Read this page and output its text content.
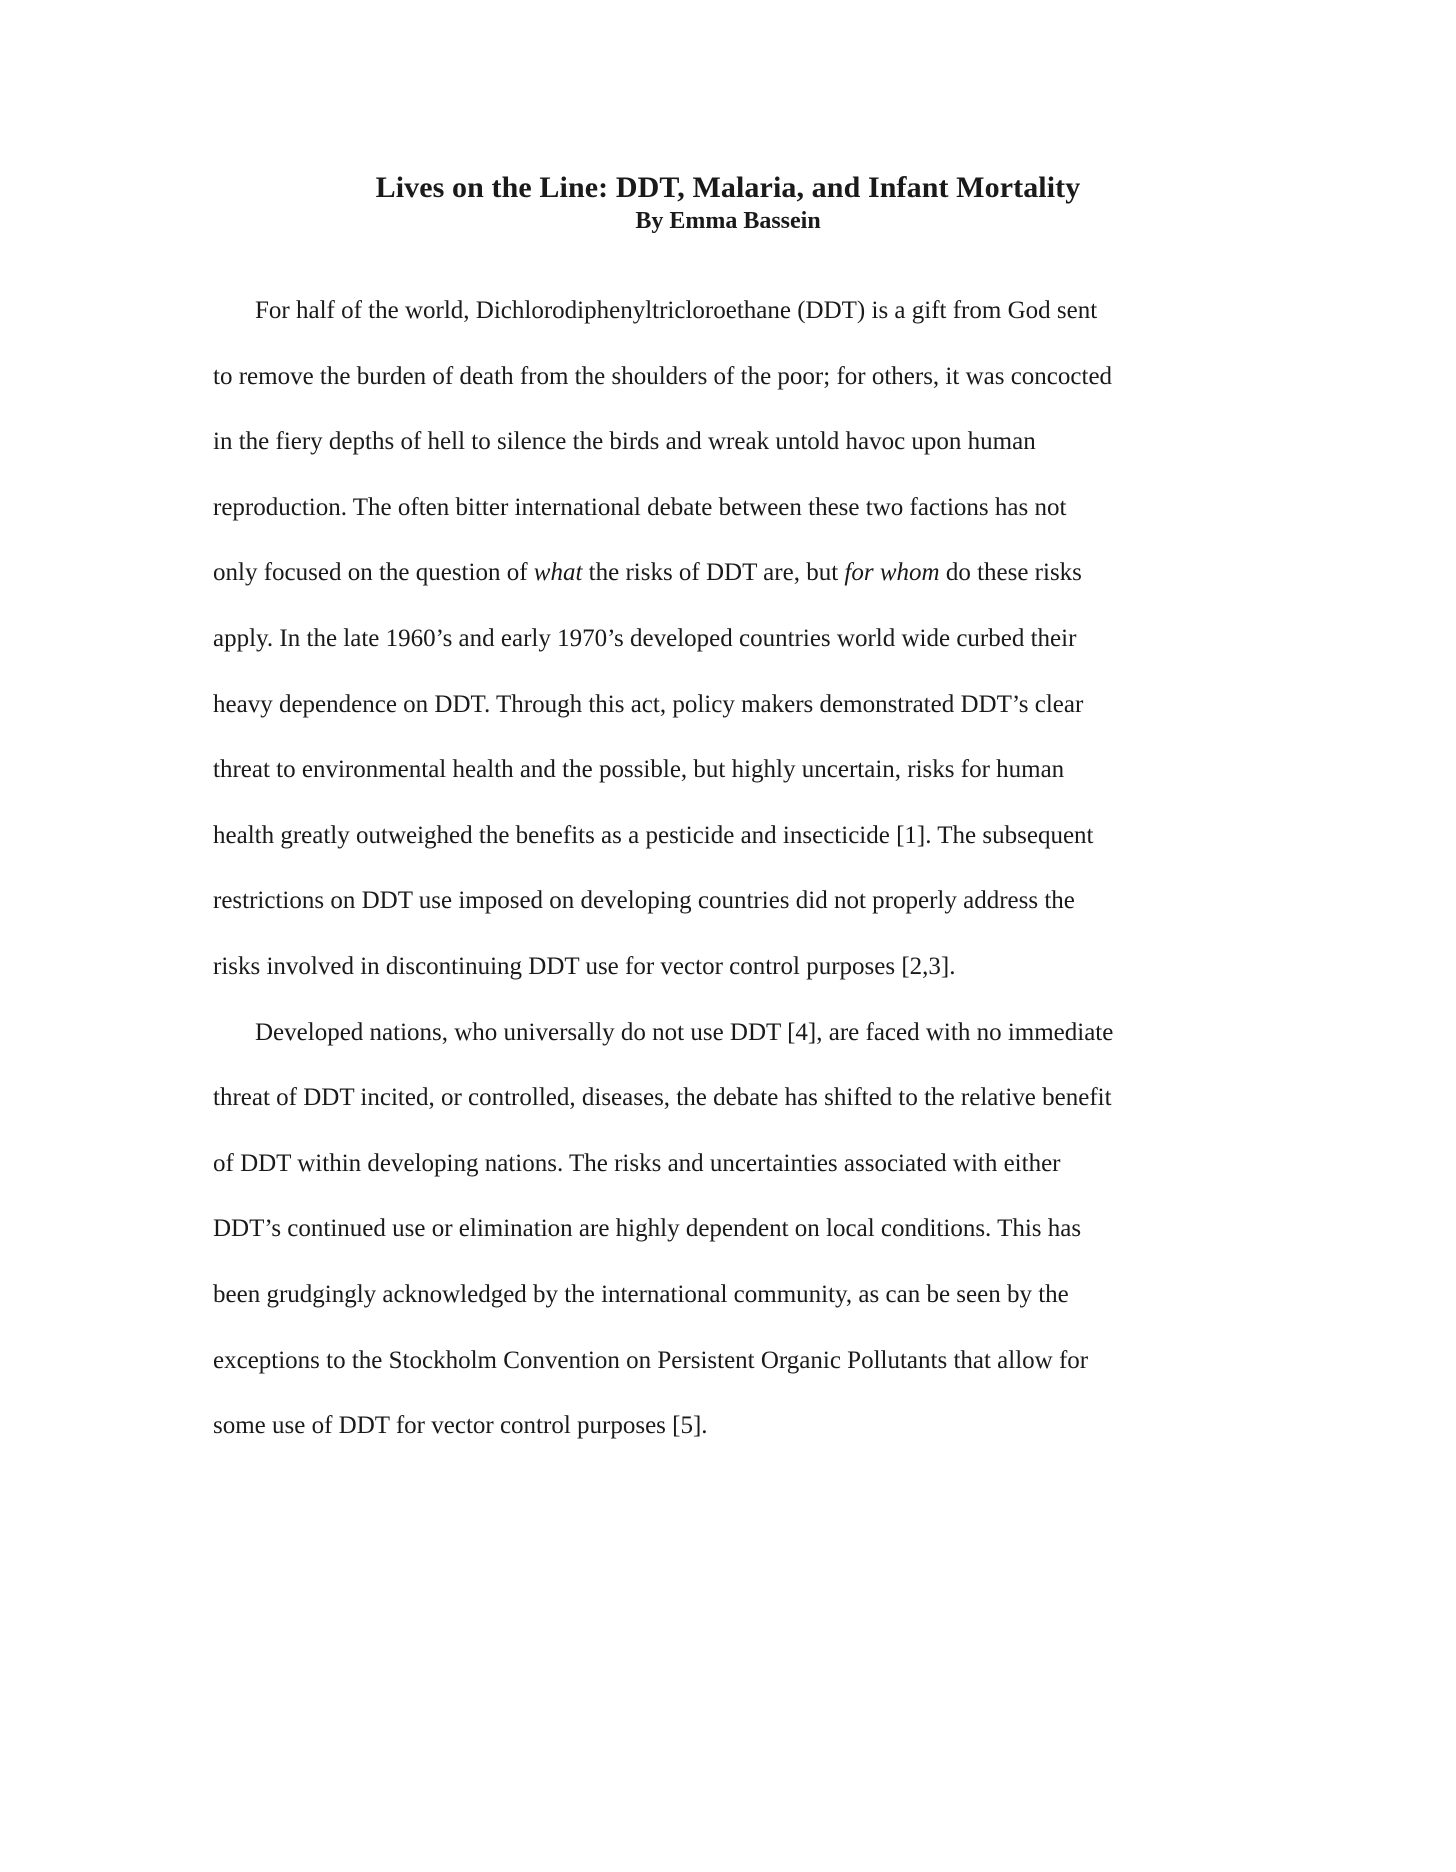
Lives on the Line: DDT, Malaria, and Infant Mortality
By Emma Bassein

For half of the world, Dichlorodiphenyltricloroethane (DDT) is a gift from God sent
to remove the burden of death from the shoulders of the poor; for others, it was concocted
in the fiery depths of hell to silence the birds and wreak untold havoc upon human
reproduction. The often bitter international debate between these two factions has not
only focused on the question of what the risks of DDT are, but for whom do these risks
apply. In the late 1960’s and early 1970’s developed countries world wide curbed their
heavy dependence on DDT. Through this act, policy makers demonstrated DDT’s clear
threat to environmental health and the possible, but highly uncertain, risks for human
health greatly outweighed the benefits as a pesticide and insecticide [1]. The subsequent
restrictions on DDT use imposed on developing countries did not properly address the
risks involved in discontinuing DDT use for vector control purposes [2,3].

Developed nations, who universally do not use DDT [4], are faced with no immediate
threat of DDT incited, or controlled, diseases, the debate has shifted to the relative benefit
of DDT within developing nations. The risks and uncertainties associated with either
DDT’s continued use or elimination are highly dependent on local conditions. This has
been grudgingly acknowledged by the international community, as can be seen by the
exceptions to the Stockholm Convention on Persistent Organic Pollutants that allow for
some use of DDT for vector control purposes [5].
